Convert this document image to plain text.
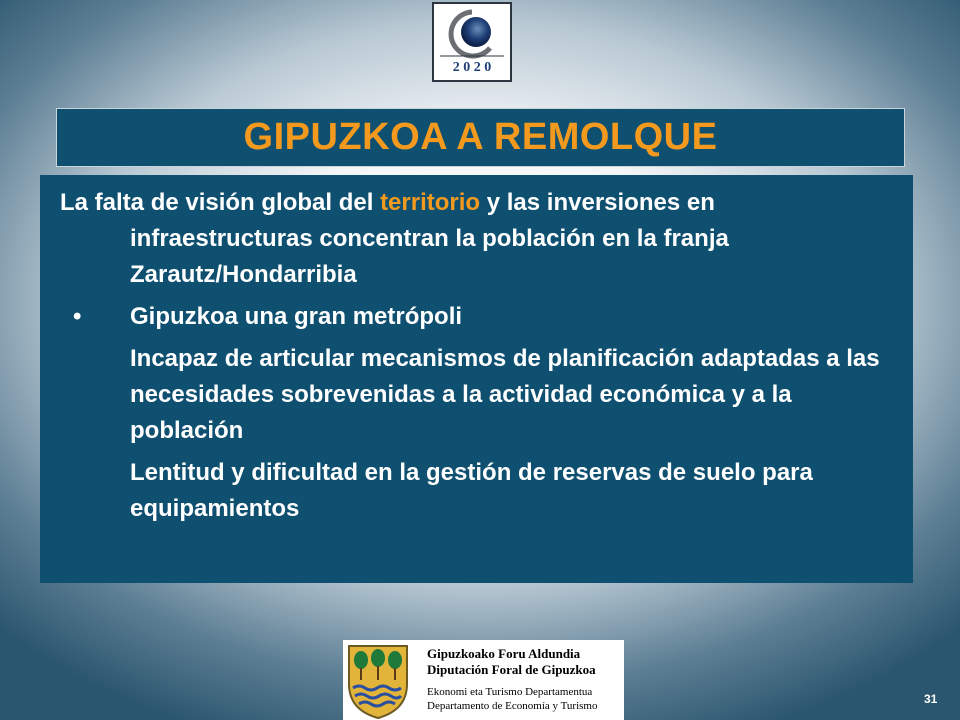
2 0 2 0
GIPUZKOA A REMOLQUE

La falta de visión global del territorio y las inversiones en infraestructuras concentran la población en la franja Zarautz/Hondarribia

• Gipuzkoa una gran metrópoli

Incapaz de articular mecanismos de planificación adaptadas a las necesidades sobrevenidas a la actividad económica y a la población

Lentitud y dificultad en la gestión de reservas de suelo para equipamientos

Gipuzkoako Foru Aldundia
Diputación Foral de Gipuzkoa
Ekonomi eta Turismo Departamentua
Departamento de Economía y Turismo	31
